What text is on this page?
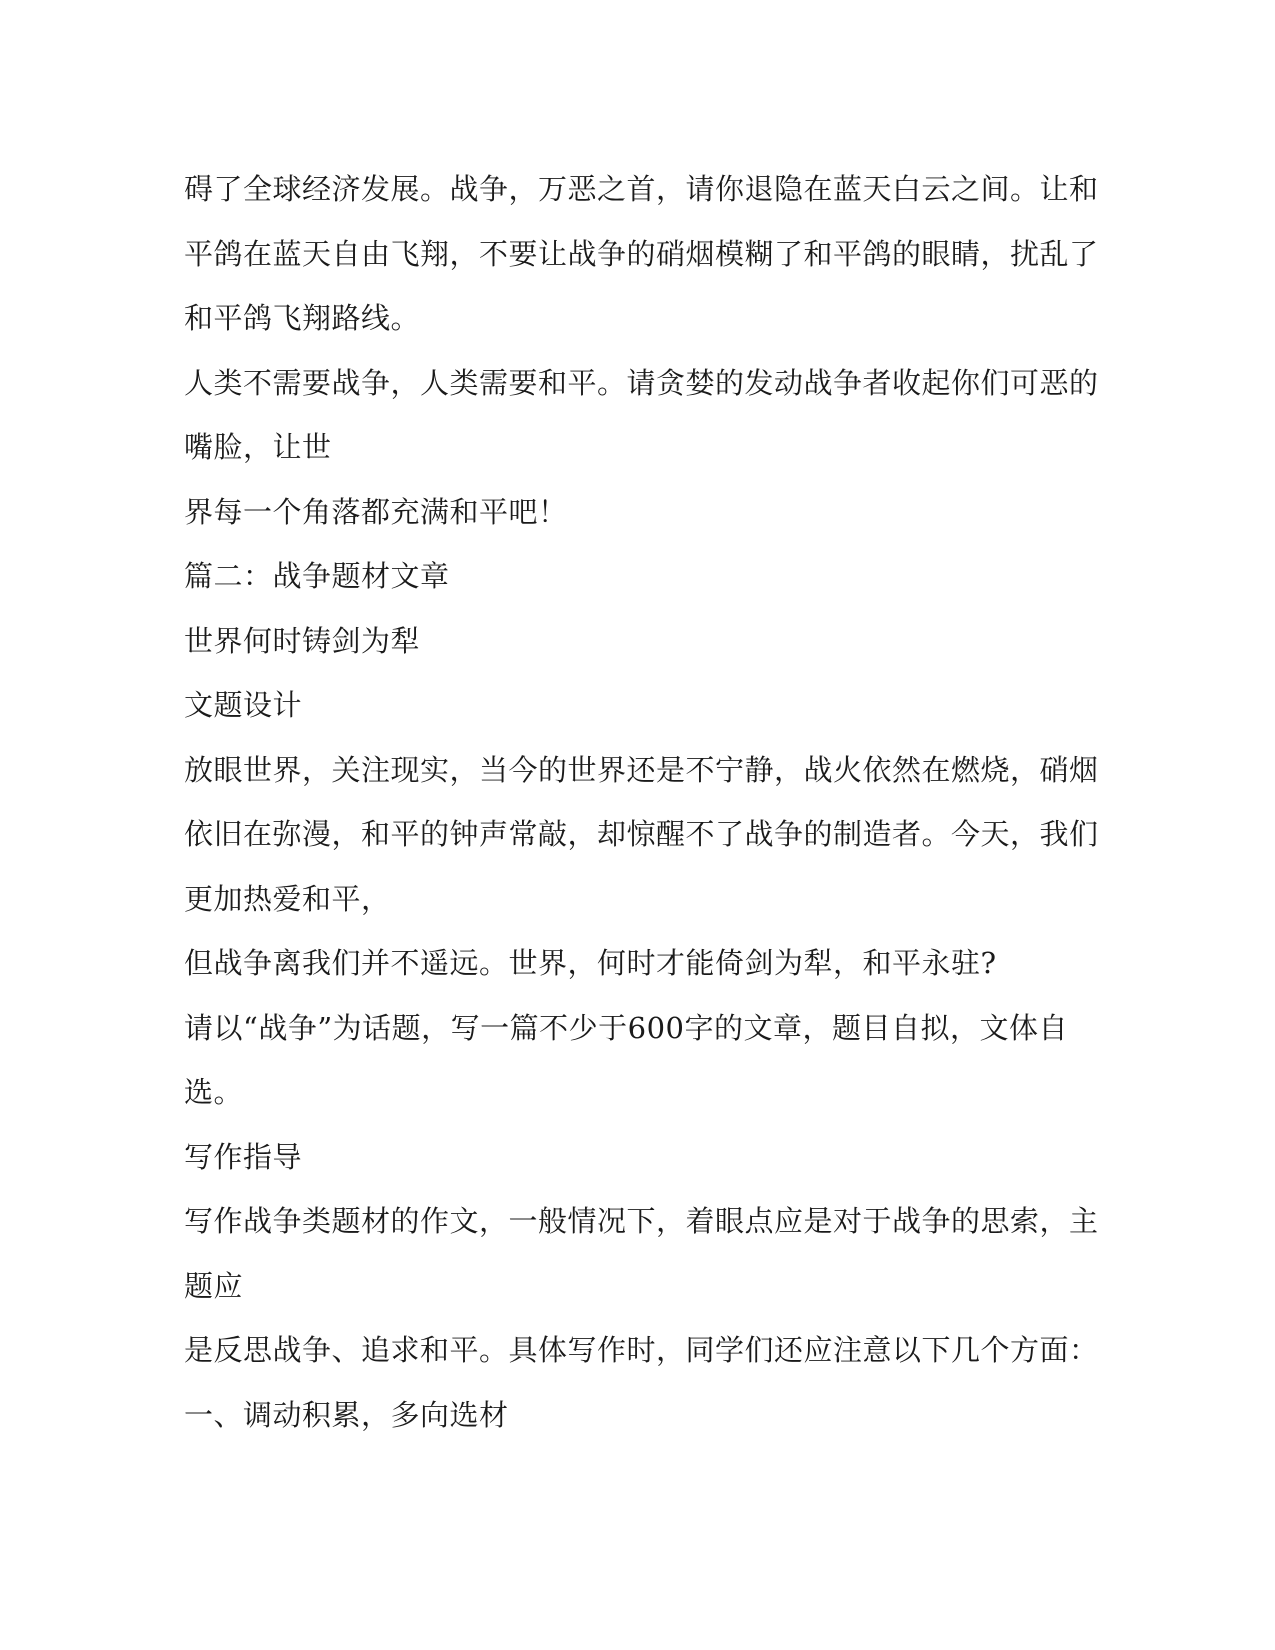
碍了全球经济发展。战争，万恶之首，请你退隐在蓝天白云之间。让和
平鸽在蓝天自由飞翔，不要让战争的硝烟模糊了和平鸽的眼睛，扰乱了
和平鸽飞翔路线。
人类不需要战争，人类需要和平。请贪婪的发动战争者收起你们可恶的
嘴脸，让世
界每一个角落都充满和平吧！
篇二：战争题材文章
世界何时铸剑为犁
文题设计
放眼世界，关注现实，当今的世界还是不宁静，战火依然在燃烧，硝烟
依旧在弥漫，和平的钟声常敲，却惊醒不了战争的制造者。今天，我们
更加热爱和平，
但战争离我们并不遥远。世界，何时才能倚剑为犁，和平永驻?
请以“战争”为话题，写一篇不少于600字的文章，题目自拟，文体自
选。
写作指导
写作战争类题材的作文，一般情况下，着眼点应是对于战争的思索，主
题应
是反思战争、追求和平。具体写作时，同学们还应注意以下几个方面：
一、调动积累，多向选材
